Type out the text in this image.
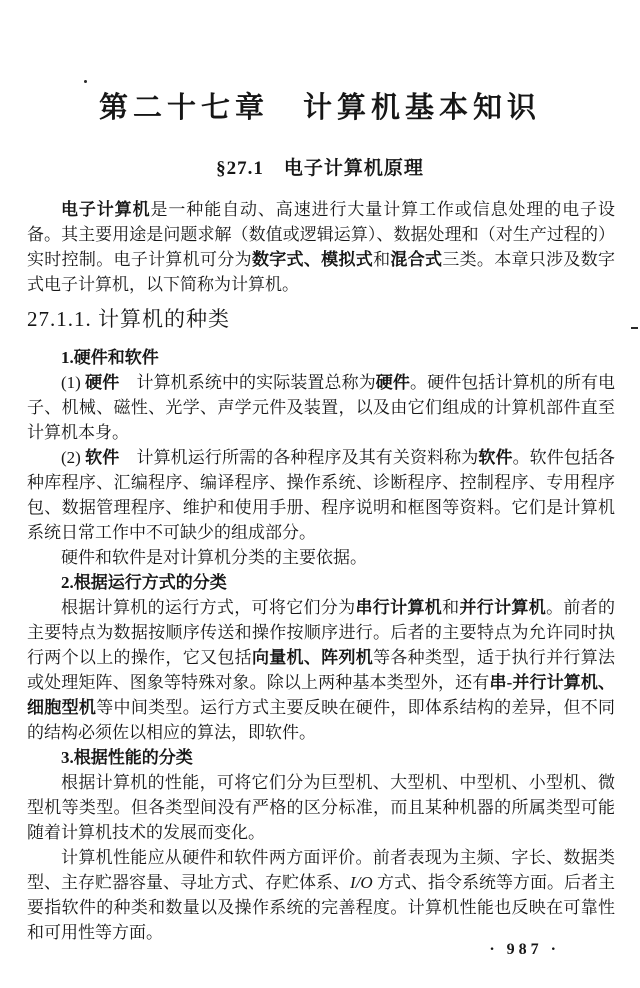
第二十七章　计算机基本知识
§27.1　电子计算机原理

电子计算机是一种能自动、高速进行大量计算工作或信息处理的电子设备。其主要用途是问题求解（数值或逻辑运算）、数据处理和（对生产过程的）实时控制。电子计算机可分为数字式、模拟式和混合式三类。本章只涉及数字式电子计算机，以下简称为计算机。

27.1.1. 计算机的种类

1.硬件和软件

(1) 硬件　计算机系统中的实际装置总称为硬件。硬件包括计算机的所有电子、机械、磁性、光学、声学元件及装置，以及由它们组成的计算机部件直至计算机本身。

(2) 软件　计算机运行所需的各种程序及其有关资料称为软件。软件包括各种库程序、汇编程序、编译程序、操作系统、诊断程序、控制程序、专用程序包、数据管理程序、维护和使用手册、程序说明和框图等资料。它们是计算机系统日常工作中不可缺少的组成部分。

硬件和软件是对计算机分类的主要依据。

2.根据运行方式的分类

根据计算机的运行方式，可将它们分为串行计算机和并行计算机。前者的主要特点为数据按顺序传送和操作按顺序进行。后者的主要特点为允许同时执行两个以上的操作，它又包括向量机、阵列机等各种类型，适于执行并行算法或处理矩阵、图象等特殊对象。除以上两种基本类型外，还有串-并行计算机、细胞型机等中间类型。运行方式主要反映在硬件，即体系结构的差异，但不同的结构必须佐以相应的算法，即软件。

3.根据性能的分类

根据计算机的性能，可将它们分为巨型机、大型机、中型机、小型机、微型机等类型。但各类型间没有严格的区分标准，而且某种机器的所属类型可能随着计算机技术的发展而变化。

计算机性能应从硬件和软件两方面评价。前者表现为主频、字长、数据类型、主存贮器容量、寻址方式、存贮体系、I/O 方式、指令系统等方面。后者主要指软件的种类和数量以及操作系统的完善程度。计算机性能也反映在可靠性和可用性等方面。

· 987 ·
